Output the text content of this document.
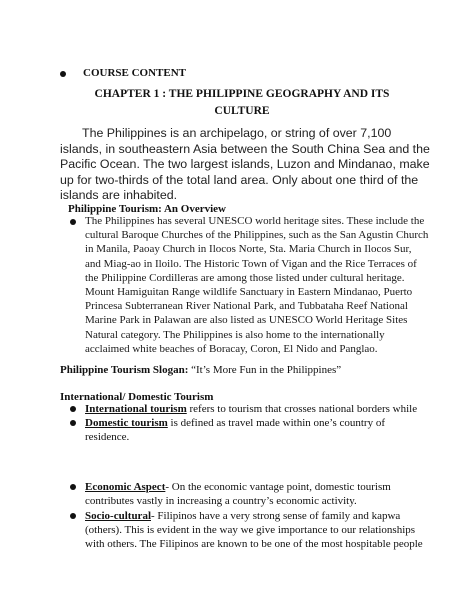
COURSE CONTENT
CHAPTER 1 : THE PHILIPPINE GEOGRAPHY AND ITS
CULTURE
The Philippines is an archipelago, or string of over 7,100 islands, in southeastern Asia between the South China Sea and the Pacific Ocean. The two largest islands, Luzon and Mindanao, make up for two-thirds of the total land area. Only about one third of the islands are inhabited.
Philippine Tourism: An Overview
The Philippines has several UNESCO world heritage sites. These include the cultural Baroque Churches of the Philippines, such as the San Agustin Church in Manila, Paoay Church in Ilocos Norte, Sta. Maria Church in Ilocos Sur, and Miag-ao in Iloilo. The Historic Town of Vigan and the Rice Terraces of the Philippine Cordilleras are among those listed under cultural heritage. Mount Hamiguitan Range wildlife Sanctuary in Eastern Mindanao, Puerto Princesa Subterranean River National Park, and Tubbataha Reef National Marine Park in Palawan are also listed as UNESCO World Heritage Sites Natural category. The Philippines is also home to the internationally acclaimed white beaches of Boracay, Coron, El Nido and Panglao.
Philippine Tourism Slogan: “It’s More Fun in the Philippines”
International/ Domestic Tourism
International tourism refers to tourism that crosses national borders while
Domestic tourism is defined as travel made within one’s country of residence.
Economic Aspect- On the economic vantage point, domestic tourism contributes vastly in increasing a country’s economic activity.
Socio-cultural- Filipinos have a very strong sense of family and kapwa (others). This is evident in the way we give importance to our relationships with others. The Filipinos are known to be one of the most hospitable people
